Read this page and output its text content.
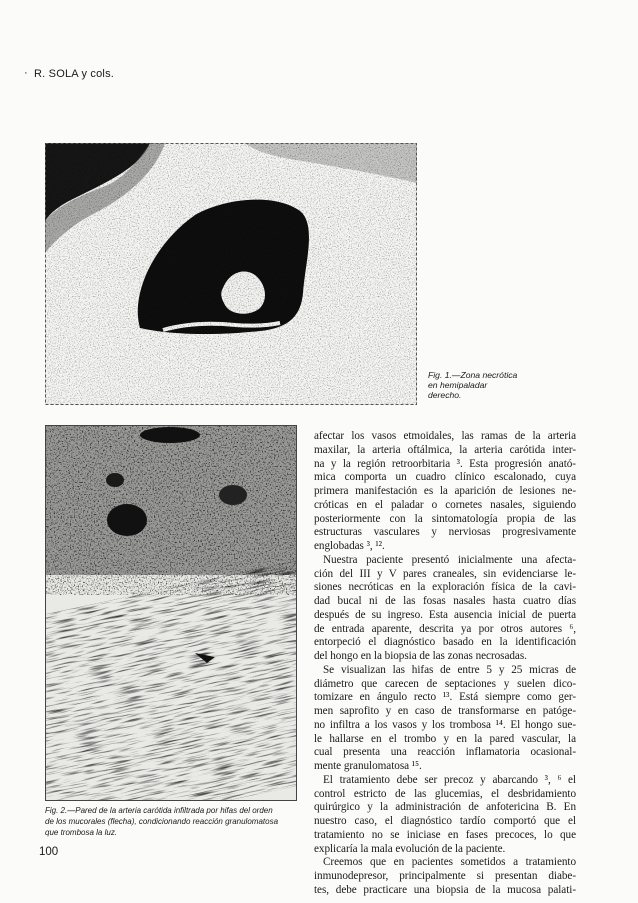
· R. SOLA y cols.
Fig. 1.—Zona necrótica
en hemipaladar
derecho.
Fig. 2.—Pared de la arteria carótida infiltrada por hifas del orden
de los mucorales (flecha), condicionando reacción granulomatosa
que trombosa la luz.
afectar los vasos etmoidales, las ramas de la arteria
maxilar, la arteria oftálmica, la arteria carótida inter-
na y la región retroorbitaria ³. Esta progresión anató-
mica comporta un cuadro clínico escalonado, cuya
primera manifestación es la aparición de lesiones ne-
cróticas en el paladar o cornetes nasales, siguiendo
posteriormente con la sintomatología propia de las
estructuras vasculares y nerviosas progresivamente
englobadas ³, ¹².
Nuestra paciente presentó inicialmente una afecta-
ción del III y V pares craneales, sin evidenciarse le-
siones necróticas en la exploración física de la cavi-
dad bucal ni de las fosas nasales hasta cuatro días
después de su ingreso. Esta ausencia inicial de puerta
de entrada aparente, descrita ya por otros autores ⁶,
entorpeció el diagnóstico basado en la identificación
del hongo en la biopsia de las zonas necrosadas.
Se visualizan las hifas de entre 5 y 25 micras de
diámetro que carecen de septaciones y suelen dico-
tomizare en ángulo recto ¹³. Está siempre como ger-
men saprofito y en caso de transformarse en patóge-
no infiltra a los vasos y los trombosa ¹⁴. El hongo sue-
le hallarse en el trombo y en la pared vascular, la
cual presenta una reacción inflamatoria ocasional-
mente granulomatosa ¹⁵.
El tratamiento debe ser precoz y abarcando ³, ⁶ el
control estricto de las glucemias, el desbridamiento
quirúrgico y la administración de anfotericina B. En
nuestro caso, el diagnóstico tardío comportó que el
tratamiento no se iniciase en fases precoces, lo que
explicaría la mala evolución de la paciente.
Creemos que en pacientes sometidos a tratamiento
inmunodepresor, principalmente si presentan diabe-
tes, debe practicare una biopsia de la mucosa palati-
100
